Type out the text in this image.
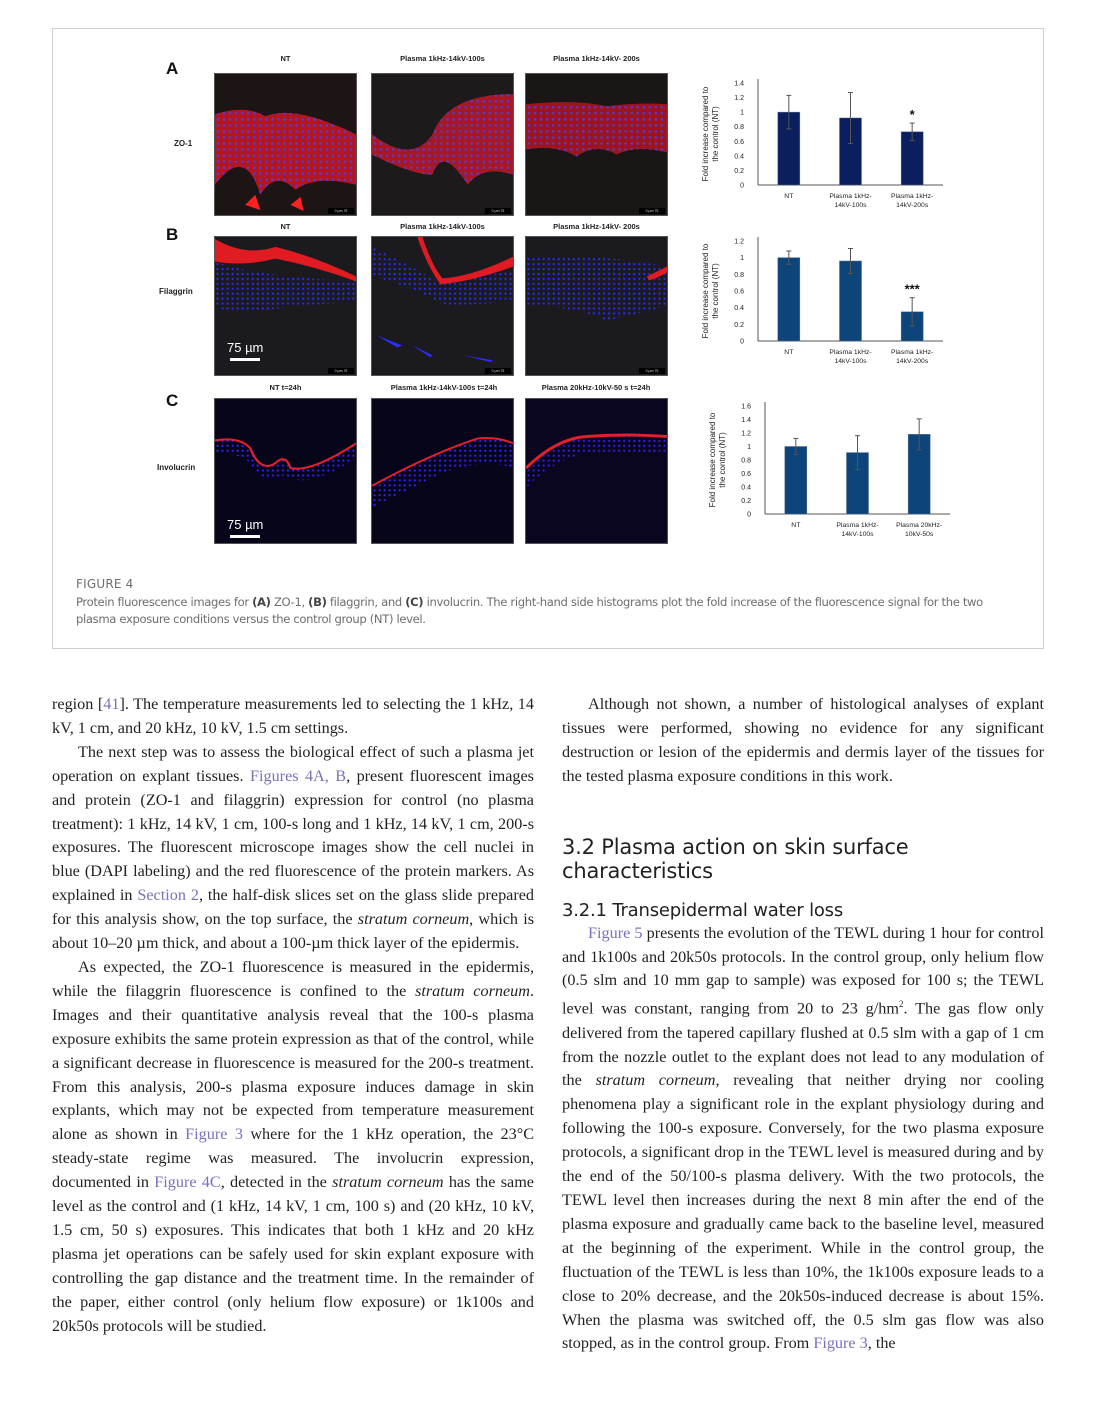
A
ZO-1
NT	Plasma 1kHz-14kV-100s	Plasma 1kHz-14kV- 200s
0 µm 75	0 µm 75	0 µm 75
B
Filaggrin
NT	Plasma 1kHz-14kV-100s	Plasma 1kHz-14kV- 200s
75 µm
0 µm 75	0 µm 75	0 µm 75
C
Involucrin
NT t=24h	Plasma 1kHz-14kV-100s t=24h	Plasma 20kHz-10kV-50 s t=24h
75 µm
Fold increase compared tothe control (NT)
0
0.2
0.4
0.6
0.8
1
1.2
1.4
NT	Plasma 1kHz-
14kV-100s
*
Plasma 1kHz-
14kV-200s
Fold increase compared tothe control (NT)
0
0.2
0.4
0.6
0.8
1
1.2
NT	Plasma 1kHz-
14kV-100s
***
Plasma 1kHz-
14kV-200s
Fold increase compared tothe control (NT)
0
0.2
0.4
0.6
0.8
1
1.2
1.4
1.6
NT	Plasma 1kHz-
14kV-100s
Plasma 20kHz-
10kV-50s
FIGURE 4
Protein fluorescence images for (A) ZO-1, (B) filaggrin, and (C) involucrin. The right-hand side histograms plot the fold increase of the fluorescence signal for the two plasma exposure conditions versus the control group (NT) level.

region [41]. The temperature measurements led to selecting the 1 kHz, 14 kV, 1 cm, and 20 kHz, 10 kV, 1.5 cm settings.

The next step was to assess the biological effect of such a plasma jet operation on explant tissues. Figures 4A, B, present fluorescent images and protein (ZO-1 and filaggrin) expression for control (no plasma treatment): 1 kHz, 14 kV, 1 cm, 100-s long and 1 kHz, 14 kV, 1 cm, 200-s exposures. The fluorescent microscope images show the cell nuclei in blue (DAPI labeling) and the red fluorescence of the protein markers. As explained in Section 2, the half-disk slices set on the glass slide prepared for this analysis show, on the top surface, the stratum corneum, which is about 10–20 µm thick, and about a 100-µm thick layer of the epidermis.

As expected, the ZO-1 fluorescence is measured in the epidermis, while the filaggrin fluorescence is confined to the stratum corneum. Images and their quantitative analysis reveal that the 100-s plasma exposure exhibits the same protein expression as that of the control, while a significant decrease in fluorescence is measured for the 200-s treatment. From this analysis, 200-s plasma exposure induces damage in skin explants, which may not be expected from temperature measurement alone as shown in Figure 3 where for the 1 kHz operation, the 23°C steady-state regime was measured. The involucrin expression, documented in Figure 4C, detected in the stratum corneum has the same level as the control and (1 kHz, 14 kV, 1 cm, 100 s) and (20 kHz, 10 kV, 1.5 cm, 50 s) exposures. This indicates that both 1 kHz and 20 kHz plasma jet operations can be safely used for skin explant exposure with controlling the gap distance and the treatment time. In the remainder of the paper, either control (only helium flow exposure) or 1k100s and 20k50s protocols will be studied.

Although not shown, a number of histological analyses of explant tissues were performed, showing no evidence for any significant destruction or lesion of the epidermis and dermis layer of the tissues for the tested plasma exposure conditions in this work.

3.2 Plasma action on skin surface characteristics
3.2.1 Transepidermal water loss

Figure 5 presents the evolution of the TEWL during 1 hour for control and 1k100s and 20k50s protocols. In the control group, only helium flow (0.5 slm and 10 mm gap to sample) was exposed for 100 s; the TEWL level was constant, ranging from 20 to 23 $g/hm^2$. The gas flow only delivered from the tapered capillary flushed at 0.5 slm with a gap of 1 cm from the nozzle outlet to the explant does not lead to any modulation of the stratum corneum, revealing that neither drying nor cooling phenomena play a significant role in the explant physiology during and following the 100-s exposure. Conversely, for the two plasma exposure protocols, a significant drop in the TEWL level is measured during and by the end of the 50/100-s plasma delivery. With the two protocols, the TEWL level then increases during the next 8 min after the end of the plasma exposure and gradually came back to the baseline level, measured at the beginning of the experiment. While in the control group, the fluctuation of the TEWL is less than 10%, the 1k100s exposure leads to a close to 20% decrease, and the 20k50s-induced decrease is about 15%. When the plasma was switched off, the 0.5 slm gas flow was also stopped, as in the control group. From Figure 3, the
